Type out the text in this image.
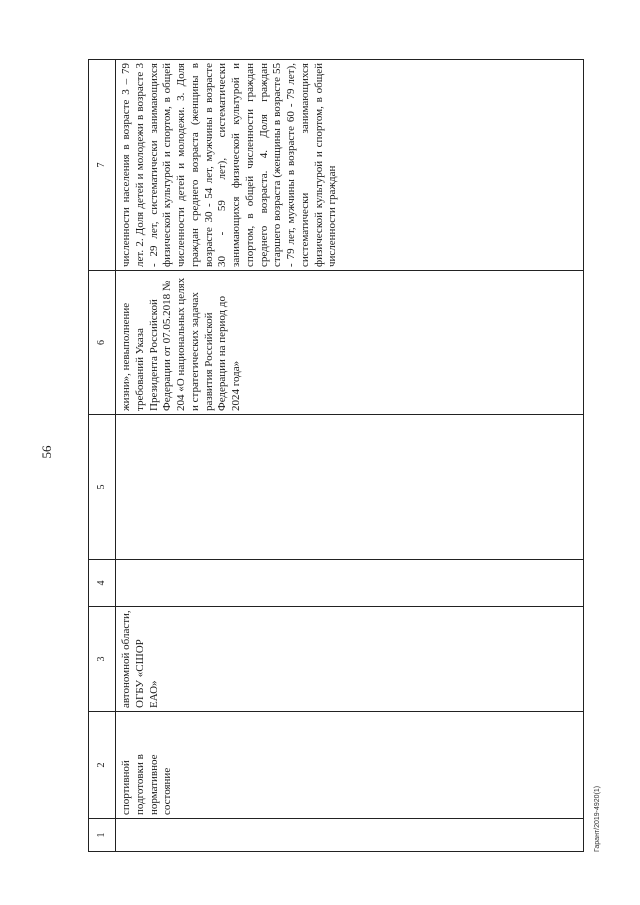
56
1	2	3	4	5	6	7
	спортивной подготовки в нормативное состояние	автономной области, ОГБУ «СШОР ЕАО»			жизни», невыполнение требований Указа Президента Российской Федерации от 07.05.2018 № 204 «О национальных целях и стратегических задачах развития Российской Федерации на период до 2024 года»	численности населения в возрасте 3 – 79 лет. 2. Доля детей и молодежи в возрасте 3 - 29 лет, систематически занимающихся физической культурой и спортом, в общей численности детей и молодежи. 3. Доля граждан среднего возраста (женщины в возрасте 30 - 54 лет, мужчины в возрасте 30 - 59 лет), систематически занимающихся физической культурой и спортом, в общей численности граждан среднего возраста. 4. Доля граждан старшего возраста (женщины в возрасте 55 - 79 лет, мужчины в возрасте 60 - 79 лет), систематически занимающихся физической культурой и спортом, в общей численности граждан
Гарант/2019-4920(1)
